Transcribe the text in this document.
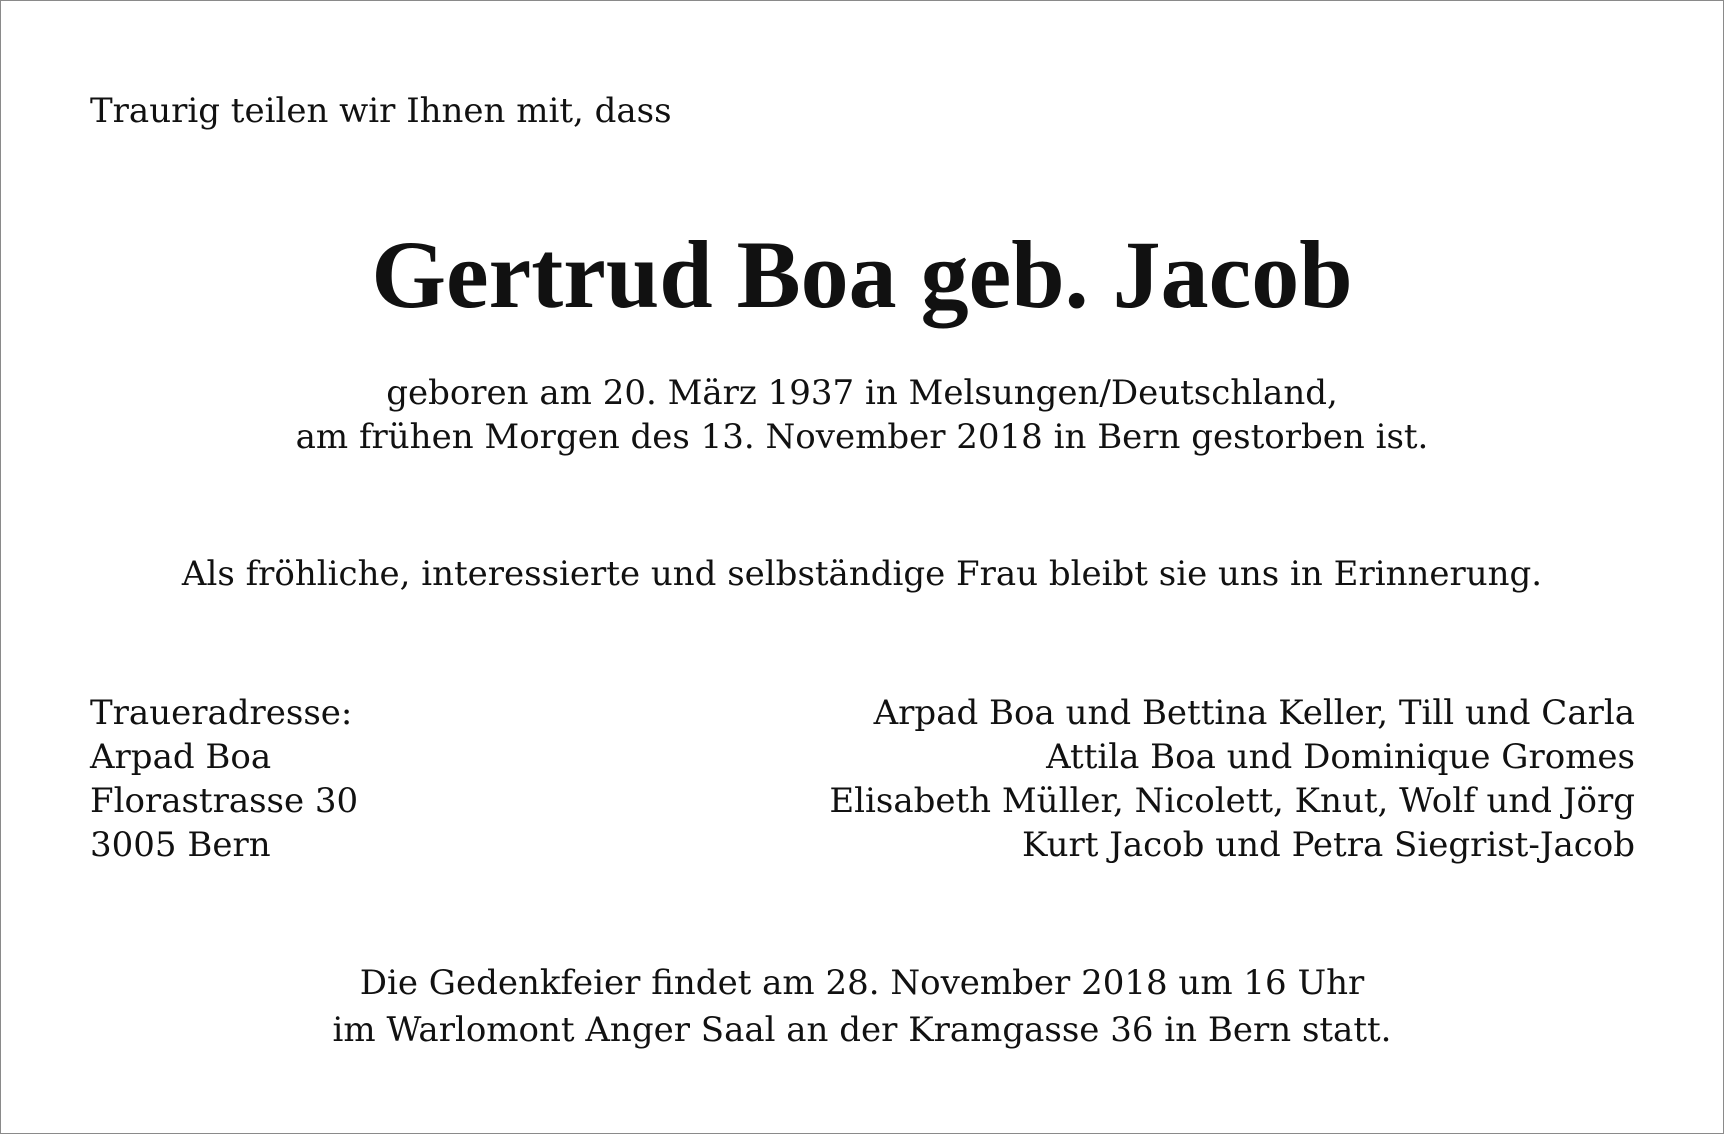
Traurig teilen wir Ihnen mit, dass
Gertrud Boa geb. Jacob
geboren am 20. März 1937 in Melsungen/Deutschland,
am frühen Morgen des 13. November 2018 in Bern gestorben ist.
Als fröhliche, interessierte und selbständige Frau bleibt sie uns in Erinnerung.
Traueradresse:
Arpad Boa
Florastrasse 30
3005 Bern
Arpad Boa und Bettina Keller, Till und Carla
Attila Boa und Dominique Gromes
Elisabeth Müller, Nicolett, Knut, Wolf und Jörg
Kurt Jacob und Petra Siegrist-Jacob
Die Gedenkfeier findet am 28. November 2018 um 16 Uhr
im Warlomont Anger Saal an der Kramgasse 36 in Bern statt.
